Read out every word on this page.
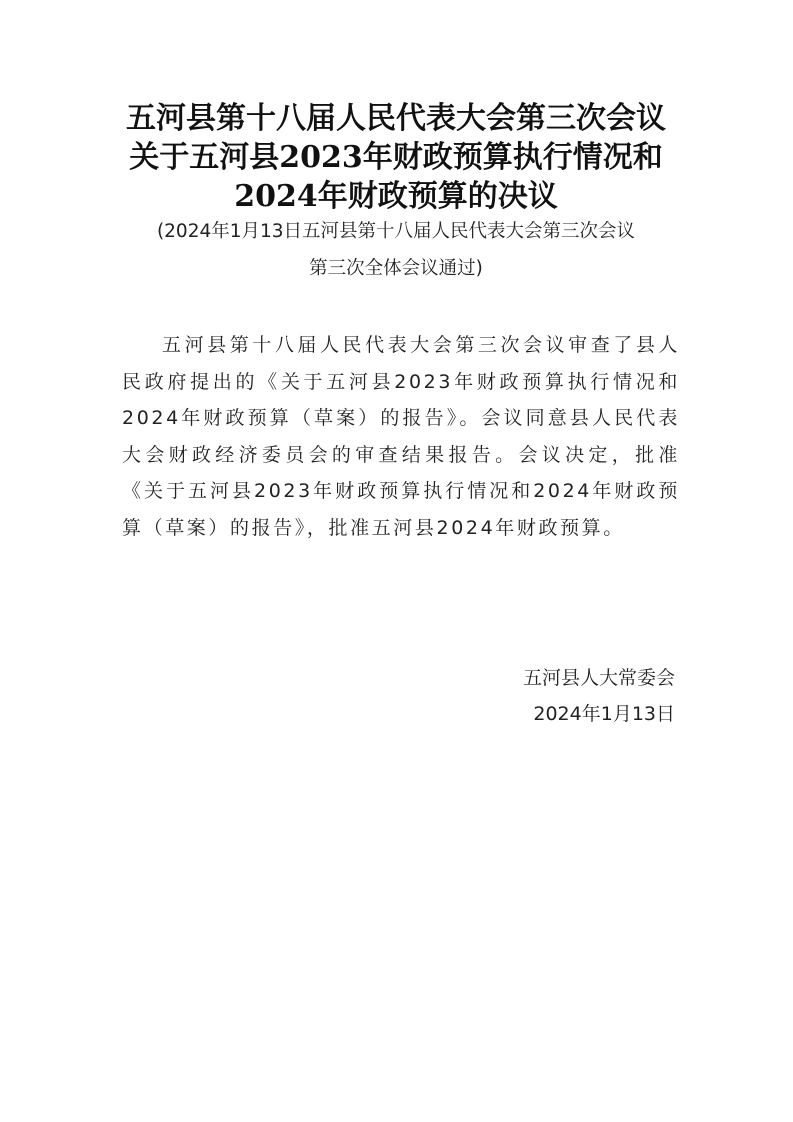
五河县第十八届人民代表大会第三次会议
关于五河县2023年财政预算执行情况和
2024年财政预算的决议
(2024年1月13日五河县第十八届人民代表大会第三次会议
第三次全体会议通过)

五河县第十八届人民代表大会第三次会议审查了县人民政府提出的《关于五河县2023年财政预算执行情况和2024年财政预算（草案）的报告》。会议同意县人民代表大会财政经济委员会的审查结果报告。会议决定，批准《关于五河县2023年财政预算执行情况和2024年财政预算（草案）的报告》，批准五河县2024年财政预算。

五河县人大常委会
2024年1月13日
